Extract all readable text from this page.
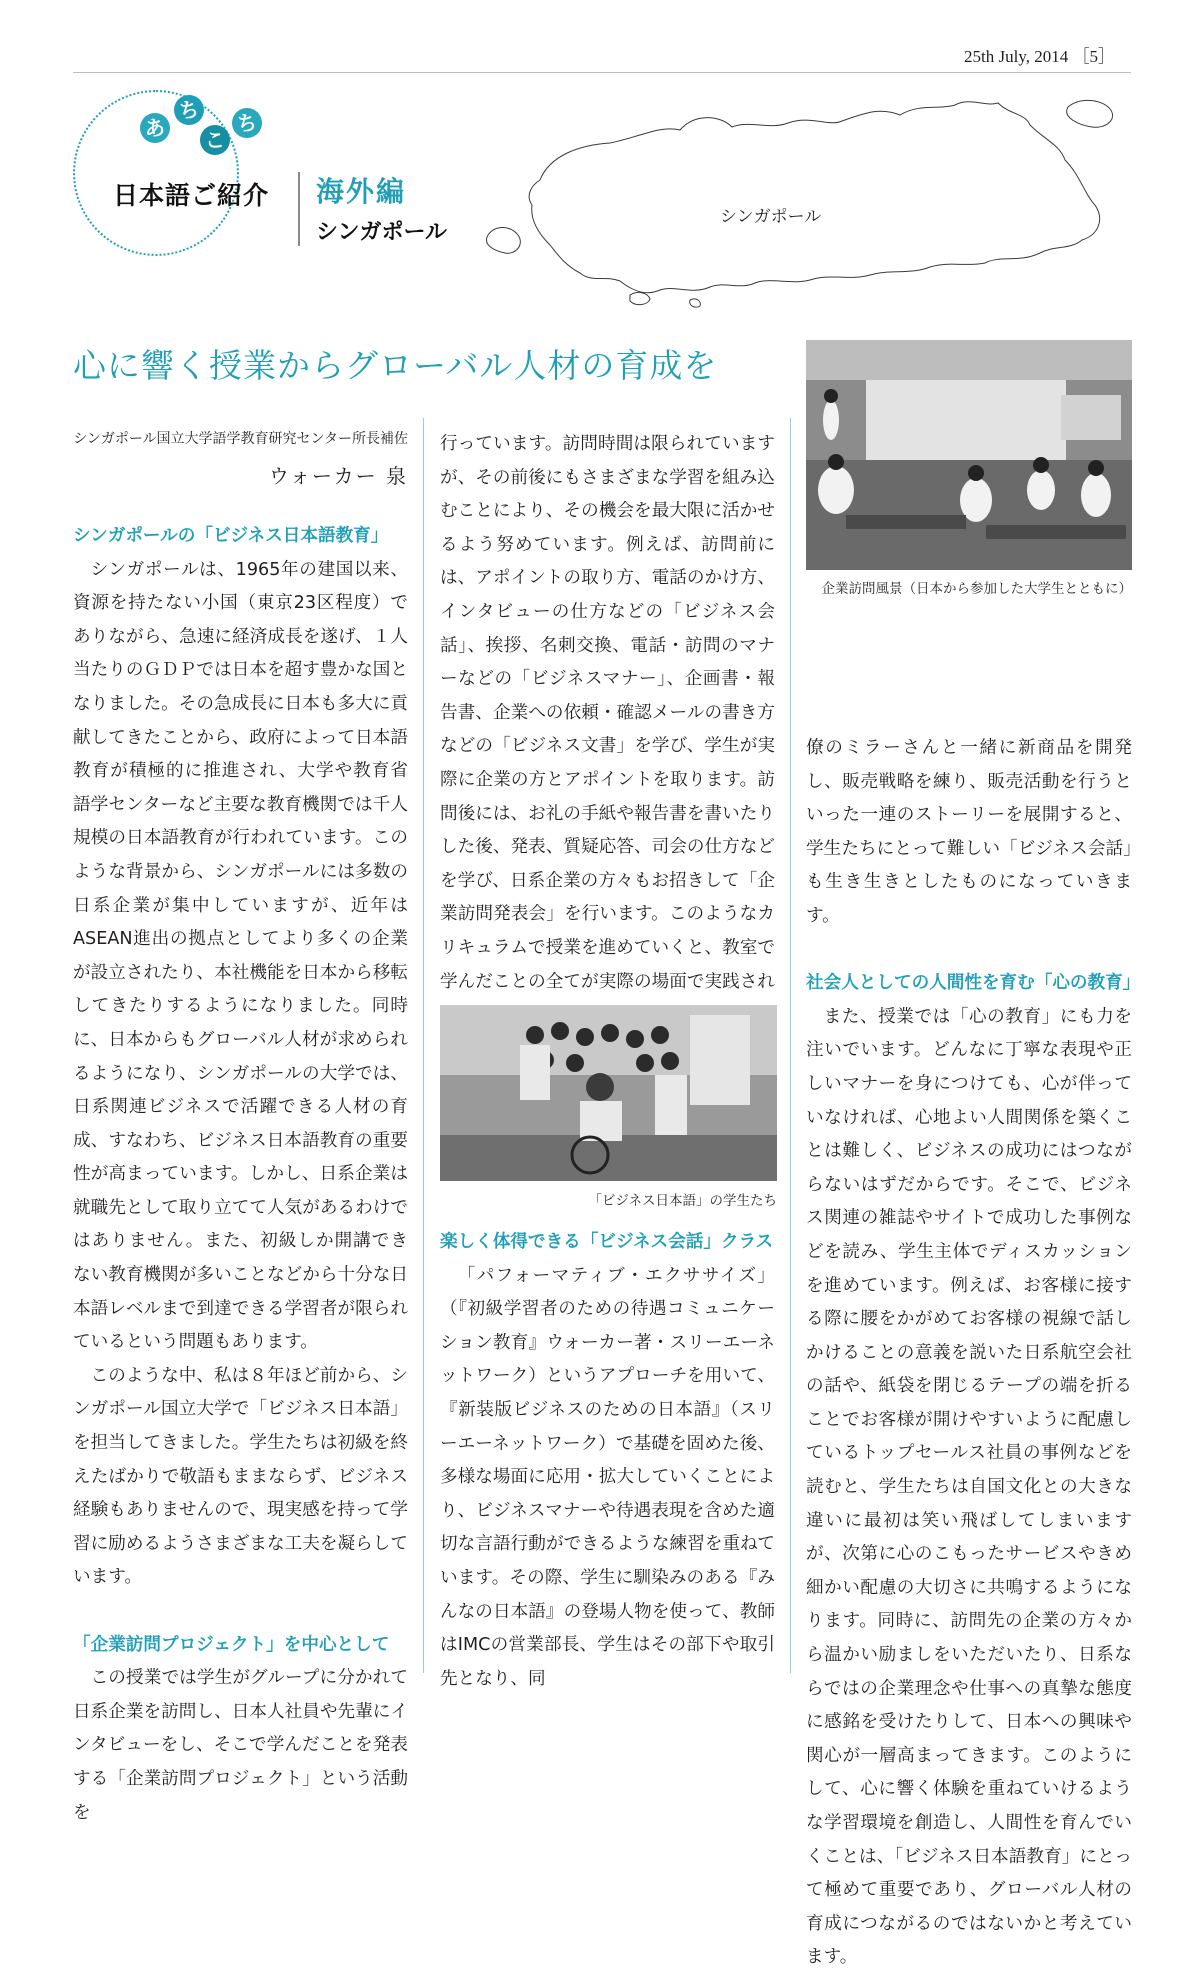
25th July, 2014 ［5］
あ
ち
こ
ち
日本語ご紹介 海外編
シンガポール
シンガポール
心に響く授業からグローバル人材の育成を
シンガポール国立大学語学教育研究センター所長補佐
ウォーカー 泉

シンガポールの「ビジネス日本語教育」

シンガポールは、1965年の建国以来、資源を持たない小国（東京23区程度）でありながら、急速に経済成長を遂げ、１人当たりのＧＤＰでは日本を超す豊かな国となりました。その急成長に日本も多大に貢献してきたことから、政府によって日本語教育が積極的に推進され、大学や教育省語学センターなど主要な教育機関では千人規模の日本語教育が行われています。このような背景から、シンガポールには多数の日系企業が集中していますが、近年はASEAN進出の拠点としてより多くの企業が設立されたり、本社機能を日本から移転してきたりするようになりました。同時に、日本からもグローバル人材が求められるようになり、シンガポールの大学では、日系関連ビジネスで活躍できる人材の育成、すなわち、ビジネス日本語教育の重要性が高まっています。しかし、日系企業は就職先として取り立てて人気があるわけではありません。また、初級しか開講できない教育機関が多いことなどから十分な日本語レベルまで到達できる学習者が限られているという問題もあります。

このような中、私は８年ほど前から、シンガポール国立大学で「ビジネス日本語」を担当してきました。学生たちは初級を終えたばかりで敬語もままならず、ビジネス経験もありませんので、現実感を持って学習に励めるようさまざまな工夫を凝らしています。

「企業訪問プロジェクト」を中心として

この授業では学生がグループに分かれて日系企業を訪問し、日本人社員や先輩にインタビューをし、そこで学んだことを発表する「企業訪問プロジェクト」という活動を

行っています。訪問時間は限られていますが、その前後にもさまざまな学習を組み込むことにより、その機会を最大限に活かせるよう努めています。例えば、訪問前には、アポイントの取り方、電話のかけ方、インタビューの仕方などの「ビジネス会話」、挨拶、名刺交換、電話・訪問のマナーなどの「ビジネスマナー」、企画書・報告書、企業への依頼・確認メールの書き方などの「ビジネス文書」を学び、学生が実際に企業の方とアポイントを取ります。訪問後には、お礼の手紙や報告書を書いたりした後、発表、質疑応答、司会の仕方などを学び、日系企業の方々もお招きして「企業訪問発表会」を行います。このようなカリキュラムで授業を進めていくと、教室で学んだことの全てが実際の場面で実践され

「ビジネス日本語」の学生たち

楽しく体得できる「ビジネス会話」クラス

「パフォーマティブ・エクササイズ」（『初級学習者のための待遇コミュニケーション教育』ウォーカー著・スリーエーネットワーク）というアプローチを用いて、『新装版ビジネスのための日本語』（スリーエーネットワーク）で基礎を固めた後、多様な場面に応用・拡大していくことにより、ビジネスマナーや待遇表現を含めた適切な言語行動ができるような練習を重ねています。その際、学生に馴染みのある『みんなの日本語』の登場人物を使って、教師はIMCの営業部長、学生はその部下や取引先となり、同

企業訪問風景（日本から参加した大学生とともに）

僚のミラーさんと一緒に新商品を開発し、販売戦略を練り、販売活動を行うといった一連のストーリーを展開すると、学生たちにとって難しい「ビジネス会話」も生き生きとしたものになっていきます。

社会人としての人間性を育む「心の教育」

また、授業では「心の教育」にも力を注いでいます。どんなに丁寧な表現や正しいマナーを身につけても、心が伴っていなければ、心地よい人間関係を築くことは難しく、ビジネスの成功にはつながらないはずだからです。そこで、ビジネス関連の雑誌やサイトで成功した事例などを読み、学生主体でディスカッションを進めています。例えば、お客様に接する際に腰をかがめてお客様の視線で話しかけることの意義を説いた日系航空会社の話や、紙袋を閉じるテープの端を折ることでお客様が開けやすいように配慮しているトップセールス社員の事例などを読むと、学生たちは自国文化との大きな違いに最初は笑い飛ばしてしまいますが、次第に心のこもったサービスやきめ細かい配慮の大切さに共鳴するようになります。同時に、訪問先の企業の方々から温かい励ましをいただいたり、日系ならではの企業理念や仕事への真摯な態度に感銘を受けたりして、日本への興味や関心が一層高まってきます。このようにして、心に響く体験を重ねていけるような学習環境を創造し、人間性を育んでいくことは、「ビジネス日本語教育」にとって極めて重要であり、グローバル人材の育成につながるのではないかと考えています。
